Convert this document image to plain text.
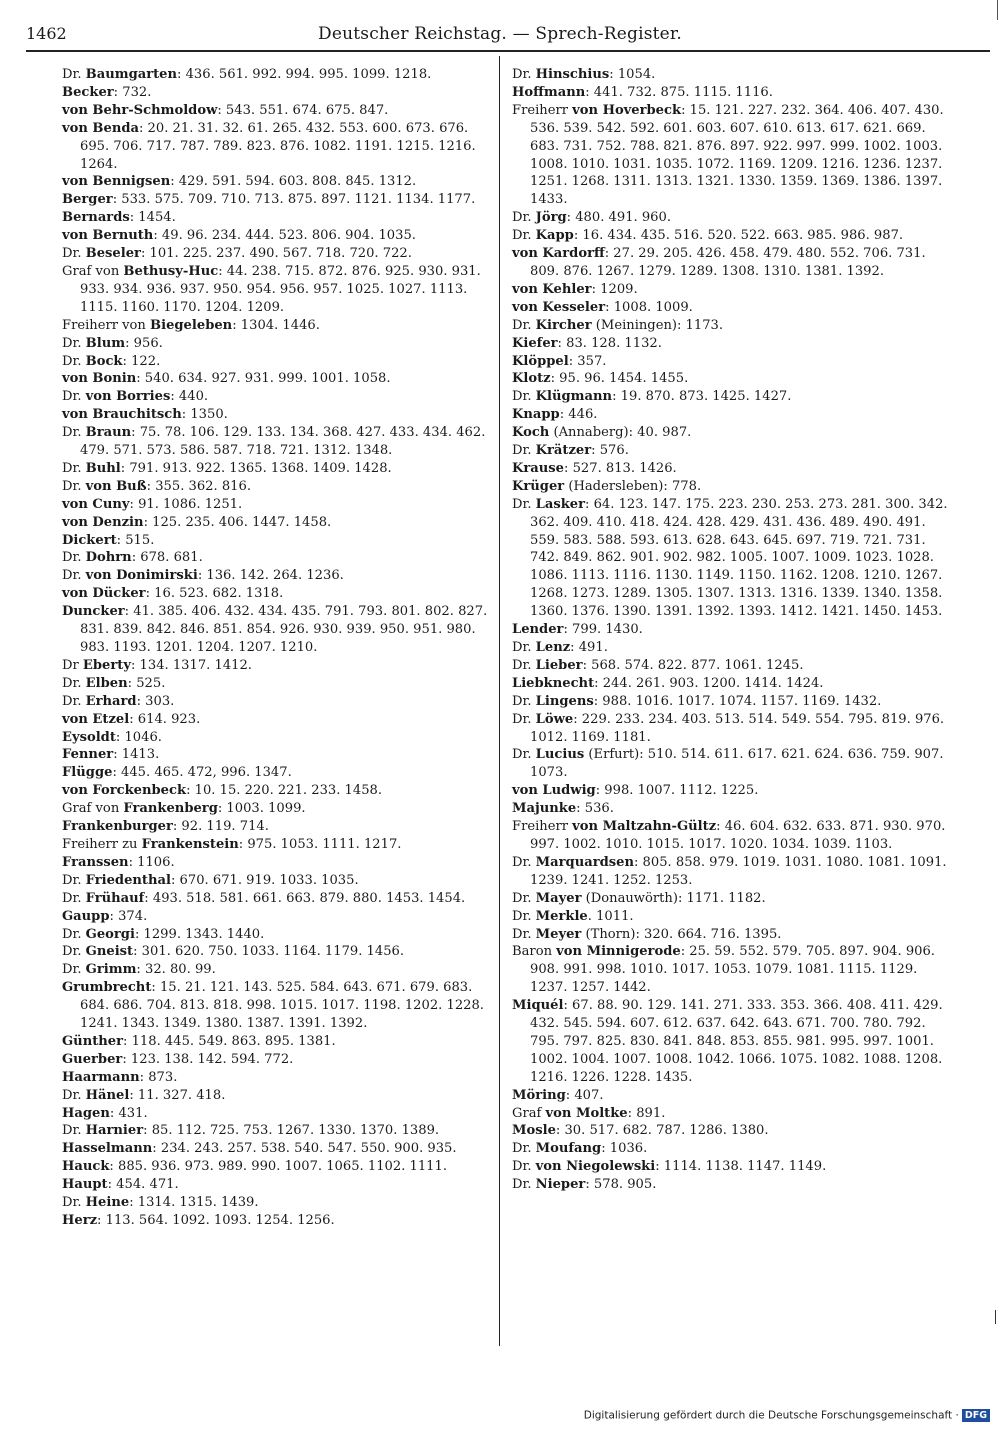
1462	Deutscher Reichstag. — Sprech-Register.

Dr. Baumgarten: 436. 561. 992. 994. 995. 1099. 1218.

Becker: 732.

von Behr-Schmoldow: 543. 551. 674. 675. 847.

von Benda: 20. 21. 31. 32. 61. 265. 432. 553. 600. 673. 676. 695. 706. 717. 787. 789. 823. 876. 1082. 1191. 1215. 1216. 1264.

von Bennigsen: 429. 591. 594. 603. 808. 845. 1312.

Berger: 533. 575. 709. 710. 713. 875. 897. 1121. 1134. 1177.

Bernards: 1454.

von Bernuth: 49. 96. 234. 444. 523. 806. 904. 1035.

Dr. Beseler: 101. 225. 237. 490. 567. 718. 720. 722.

Graf von Bethusy-Huc: 44. 238. 715. 872. 876. 925. 930. 931. 933. 934. 936. 937. 950. 954. 956. 957. 1025. 1027. 1113. 1115. 1160. 1170. 1204. 1209.

Freiherr von Biegeleben: 1304. 1446.

Dr. Blum: 956.

Dr. Bock: 122.

von Bonin: 540. 634. 927. 931. 999. 1001. 1058.

Dr. von Borries: 440.

von Brauchitsch: 1350.

Dr. Braun: 75. 78. 106. 129. 133. 134. 368. 427. 433. 434. 462. 479. 571. 573. 586. 587. 718. 721. 1312. 1348.

Dr. Buhl: 791. 913. 922. 1365. 1368. 1409. 1428.

Dr. von Buß: 355. 362. 816.

von Cuny: 91. 1086. 1251.

von Denzin: 125. 235. 406. 1447. 1458.

Dickert: 515.

Dr. Dohrn: 678. 681.

Dr. von Donimirski: 136. 142. 264. 1236.

von Dücker: 16. 523. 682. 1318.

Duncker: 41. 385. 406. 432. 434. 435. 791. 793. 801. 802. 827. 831. 839. 842. 846. 851. 854. 926. 930. 939. 950. 951. 980. 983. 1193. 1201. 1204. 1207. 1210.

Dr Eberty: 134. 1317. 1412.

Dr. Elben: 525.

Dr. Erhard: 303.

von Etzel: 614. 923.

Eysoldt: 1046.

Fenner: 1413.

Flügge: 445. 465. 472, 996. 1347.

von Forckenbeck: 10. 15. 220. 221. 233. 1458.

Graf von Frankenberg: 1003. 1099.

Frankenburger: 92. 119. 714.

Freiherr zu Frankenstein: 975. 1053. 1111. 1217.

Franssen: 1106.

Dr. Friedenthal: 670. 671. 919. 1033. 1035.

Dr. Frühauf: 493. 518. 581. 661. 663. 879. 880. 1453. 1454.

Gaupp: 374.

Dr. Georgi: 1299. 1343. 1440.

Dr. Gneist: 301. 620. 750. 1033. 1164. 1179. 1456.

Dr. Grimm: 32. 80. 99.

Grumbrecht: 15. 21. 121. 143. 525. 584. 643. 671. 679. 683. 684. 686. 704. 813. 818. 998. 1015. 1017. 1198. 1202. 1228. 1241. 1343. 1349. 1380. 1387. 1391. 1392.

Günther: 118. 445. 549. 863. 895. 1381.

Guerber: 123. 138. 142. 594. 772.

Haarmann: 873.

Dr. Hänel: 11. 327. 418.

Hagen: 431.

Dr. Harnier: 85. 112. 725. 753. 1267. 1330. 1370. 1389.

Hasselmann: 234. 243. 257. 538. 540. 547. 550. 900. 935.

Hauck: 885. 936. 973. 989. 990. 1007. 1065. 1102. 1111.

Haupt: 454. 471.

Dr. Heine: 1314. 1315. 1439.

Herz: 113. 564. 1092. 1093. 1254. 1256.

Dr. Hinschius: 1054.

Hoffmann: 441. 732. 875. 1115. 1116.

Freiherr von Hoverbeck: 15. 121. 227. 232. 364. 406. 407. 430. 536. 539. 542. 592. 601. 603. 607. 610. 613. 617. 621. 669. 683. 731. 752. 788. 821. 876. 897. 922. 997. 999. 1002. 1003. 1008. 1010. 1031. 1035. 1072. 1169. 1209. 1216. 1236. 1237. 1251. 1268. 1311. 1313. 1321. 1330. 1359. 1369. 1386. 1397. 1433.

Dr. Jörg: 480. 491. 960.

Dr. Kapp: 16. 434. 435. 516. 520. 522. 663. 985. 986. 987.

von Kardorff: 27. 29. 205. 426. 458. 479. 480. 552. 706. 731. 809. 876. 1267. 1279. 1289. 1308. 1310. 1381. 1392.

von Kehler: 1209.

von Kesseler: 1008. 1009.

Dr. Kircher (Meiningen): 1173.

Kiefer: 83. 128. 1132.

Klöppel: 357.

Klotz: 95. 96. 1454. 1455.

Dr. Klügmann: 19. 870. 873. 1425. 1427.

Knapp: 446.

Koch (Annaberg): 40. 987.

Dr. Krätzer: 576.

Krause: 527. 813. 1426.

Krüger (Hadersleben): 778.

Dr. Lasker: 64. 123. 147. 175. 223. 230. 253. 273. 281. 300. 342. 362. 409. 410. 418. 424. 428. 429. 431. 436. 489. 490. 491. 559. 583. 588. 593. 613. 628. 643. 645. 697. 719. 721. 731. 742. 849. 862. 901. 902. 982. 1005. 1007. 1009. 1023. 1028. 1086. 1113. 1116. 1130. 1149. 1150. 1162. 1208. 1210. 1267. 1268. 1273. 1289. 1305. 1307. 1313. 1316. 1339. 1340. 1358. 1360. 1376. 1390. 1391. 1392. 1393. 1412. 1421. 1450. 1453.

Lender: 799. 1430.

Dr. Lenz: 491.

Dr. Lieber: 568. 574. 822. 877. 1061. 1245.

Liebknecht: 244. 261. 903. 1200. 1414. 1424.

Dr. Lingens: 988. 1016. 1017. 1074. 1157. 1169. 1432.

Dr. Löwe: 229. 233. 234. 403. 513. 514. 549. 554. 795. 819. 976. 1012. 1169. 1181.

Dr. Lucius (Erfurt): 510. 514. 611. 617. 621. 624. 636. 759. 907. 1073.

von Ludwig: 998. 1007. 1112. 1225.

Majunke: 536.

Freiherr von Maltzahn-Gültz: 46. 604. 632. 633. 871. 930. 970. 997. 1002. 1010. 1015. 1017. 1020. 1034. 1039. 1103.

Dr. Marquardsen: 805. 858. 979. 1019. 1031. 1080. 1081. 1091. 1239. 1241. 1252. 1253.

Dr. Mayer (Donauwörth): 1171. 1182.

Dr. Merkle. 1011.

Dr. Meyer (Thorn): 320. 664. 716. 1395.

Baron von Minnigerode: 25. 59. 552. 579. 705. 897. 904. 906. 908. 991. 998. 1010. 1017. 1053. 1079. 1081. 1115. 1129. 1237. 1257. 1442.

Miquél: 67. 88. 90. 129. 141. 271. 333. 353. 366. 408. 411. 429. 432. 545. 594. 607. 612. 637. 642. 643. 671. 700. 780. 792. 795. 797. 825. 830. 841. 848. 853. 855. 981. 995. 997. 1001. 1002. 1004. 1007. 1008. 1042. 1066. 1075. 1082. 1088. 1208. 1216. 1226. 1228. 1435.

Möring: 407.

Graf von Moltke: 891.

Mosle: 30. 517. 682. 787. 1286. 1380.

Dr. Moufang: 1036.

Dr. von Niegolewski: 1114. 1138. 1147. 1149.

Dr. Nieper: 578. 905.

Digitalisierung gefördert durch die Deutsche Forschungsgemeinschaft · DFG
